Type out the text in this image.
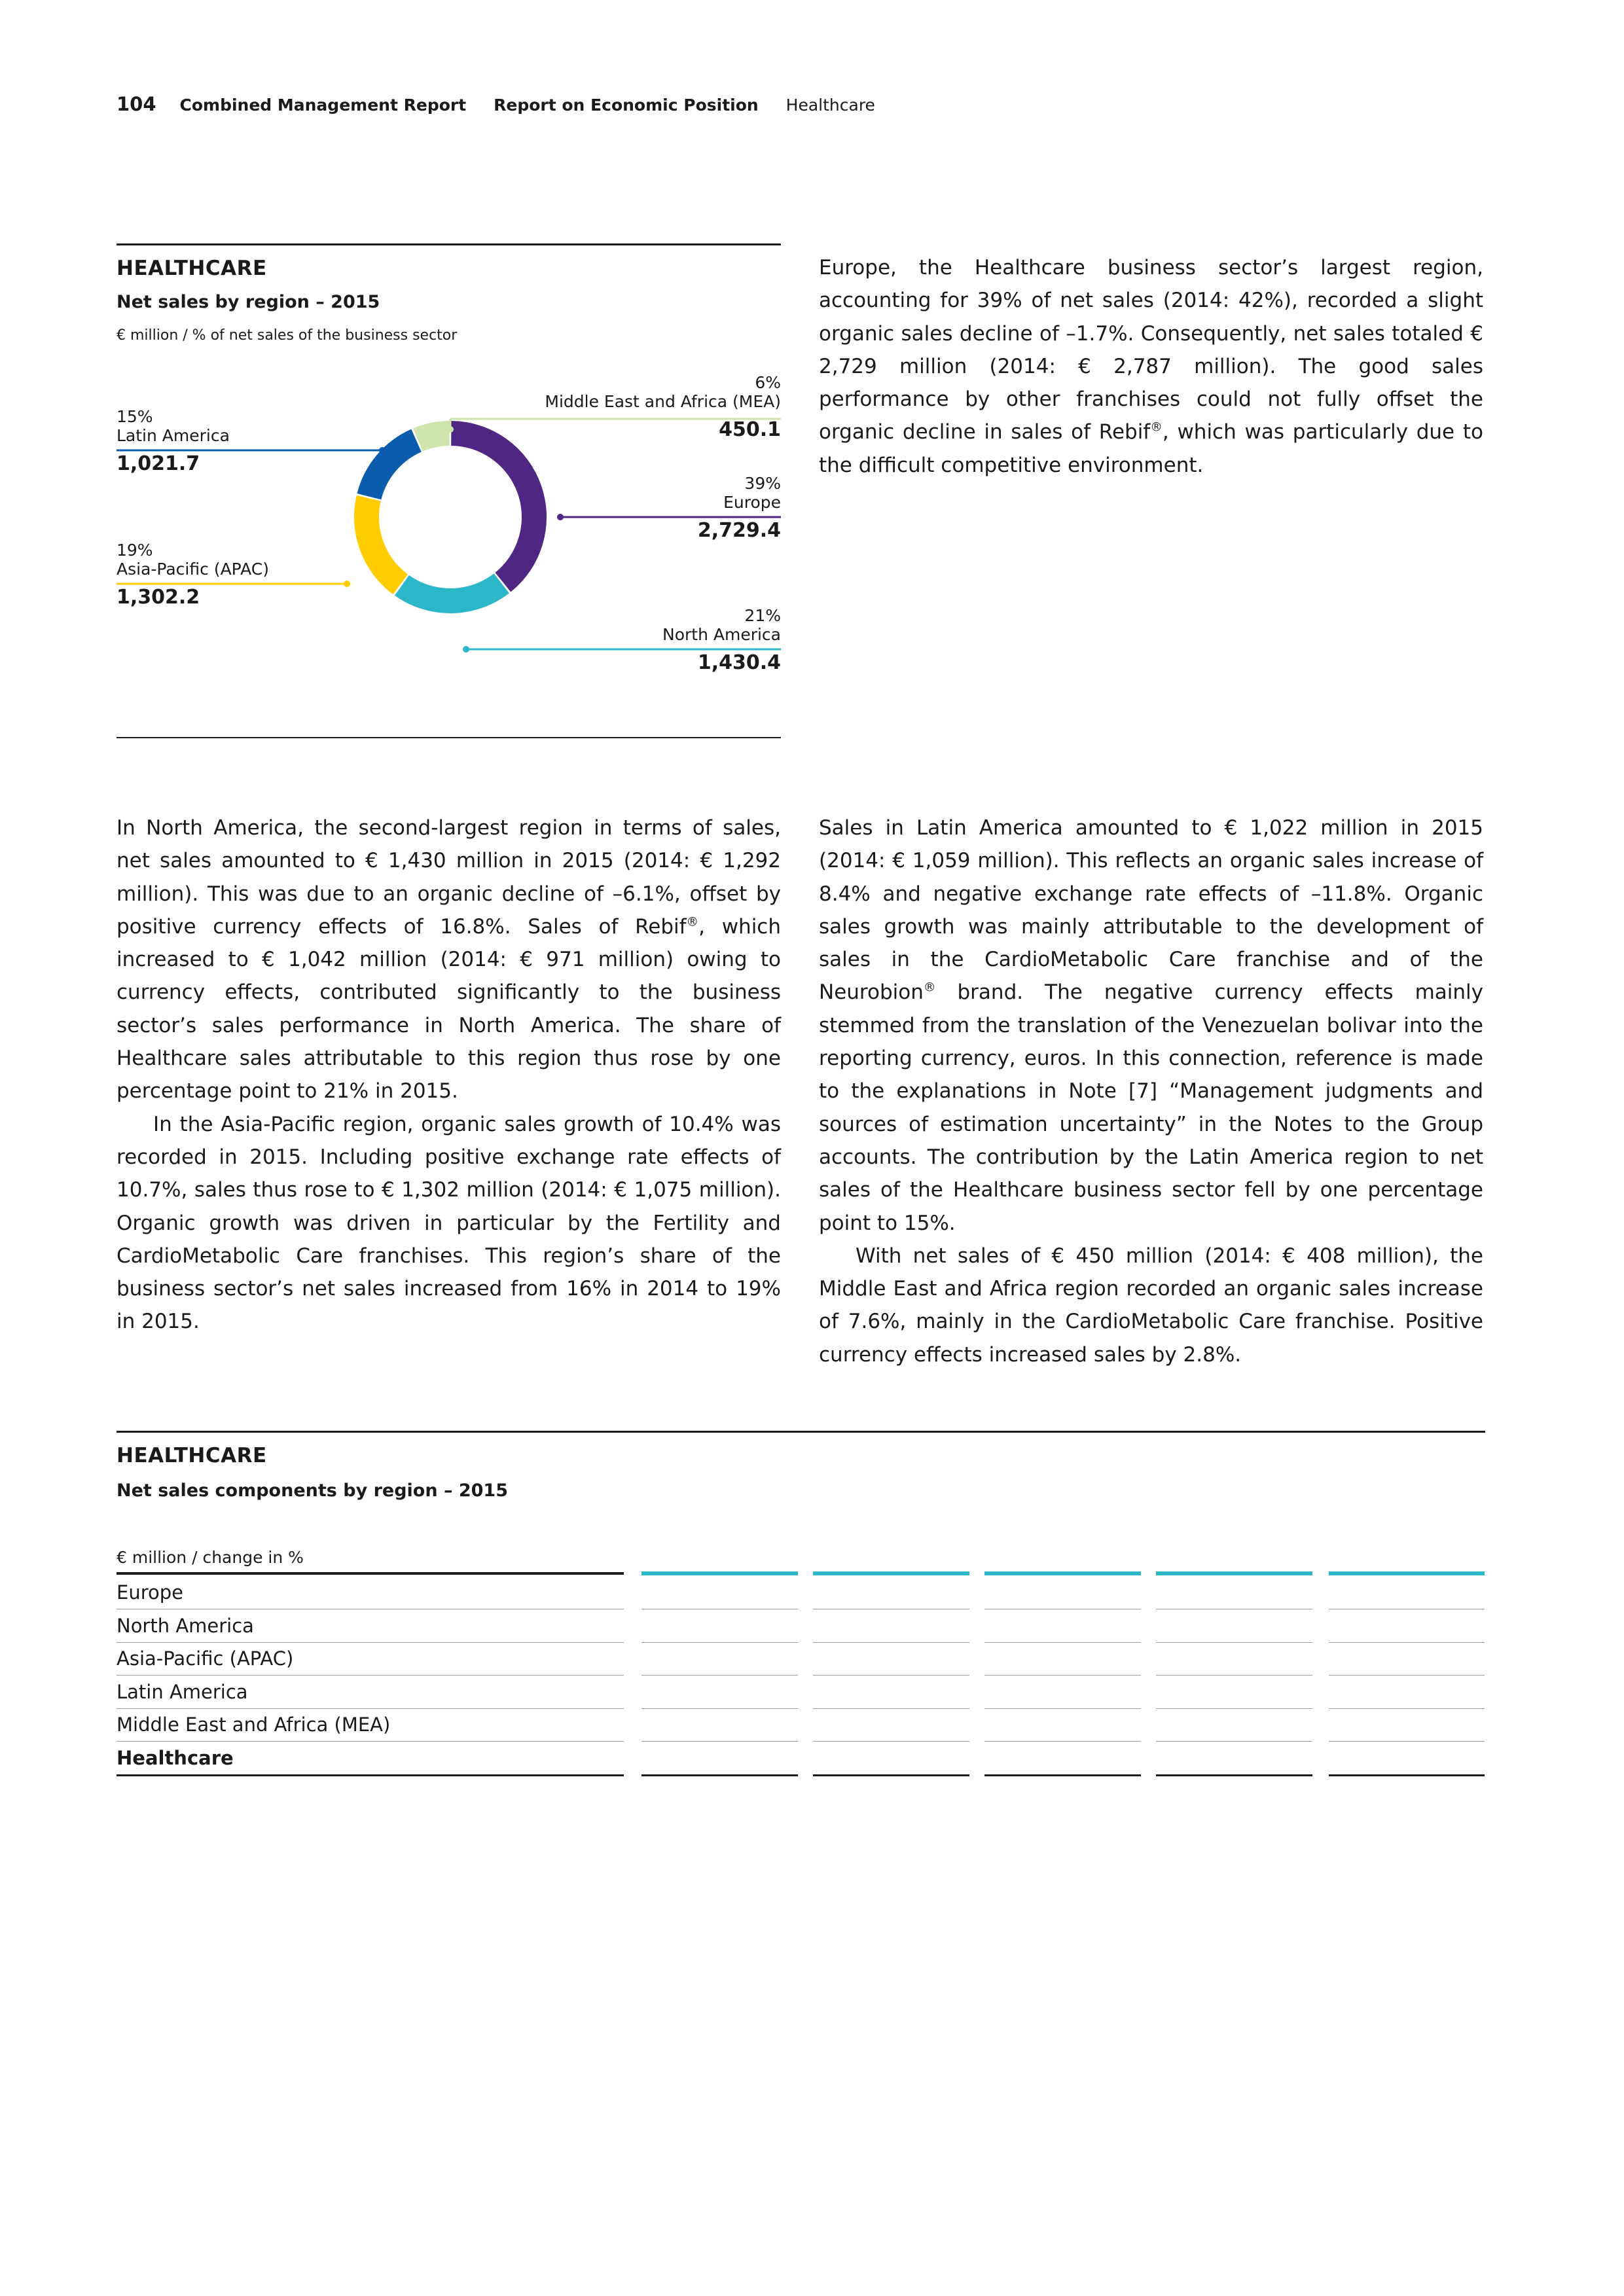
104 Combined Management Report Report on Economic Position Healthcare
HEALTHCARE
Net sales by region – 2015
€ million / % of net sales of the business sector
6%
Middle East and Africa (MEA)
450.1
15%
Latin America
1,021.7
39%
Europe
2,729.4
19%
Asia-Pacific (APAC)
1,302.2
21%
North America
1,430.4

Europe, the Healthcare business sector’s largest region, accounting for 39% of net sales (2014: 42%), recorded a slight organic sales decline of –1.7%. Consequently, net sales totaled € 2,729 million (2014: € 2,787 million). The good sales performance by other franchises could not fully offset the organic decline in sales of Rebif®, which was particularly due to the difficult competitive environment.

In North America, the second-largest region in terms of sales, net sales amounted to € 1,430 million in 2015 (2014: € 1,292 million). This was due to an organic decline of –6.1%, offset by positive currency effects of 16.8%. Sales of Rebif®, which increased to € 1,042 million (2014: € 971 million) owing to currency effects, contributed significantly to the business sector’s sales performance in North America. The share of Healthcare sales attributable to this region thus rose by one percentage point to 21% in 2015.

In the Asia-Pacific region, organic sales growth of 10.4% was recorded in 2015. Including positive exchange rate effects of 10.7%, sales thus rose to € 1,302 million (2014: € 1,075 million). Organic growth was driven in particular by the Fertility and CardioMetabolic Care franchises. This region’s share of the business sector’s net sales increased from 16% in 2014 to 19% in 2015.

Sales in Latin America amounted to € 1,022 million in 2015 (2014: € 1,059 million). This reflects an organic sales increase of 8.4% and negative exchange rate effects of –11.8%. Organic sales growth was mainly attributable to the development of sales in the CardioMetabolic Care franchise and of the Neurobion® brand. The negative currency effects mainly stemmed from the translation of the Venezuelan bolivar into the reporting currency, euros. In this connection, reference is made to the explanations in Note [7] “Management judgments and sources of estimation uncertainty” in the Notes to the Group accounts. The contribution by the Latin America region to net sales of the Healthcare business sector fell by one percentage point to 15%.

With net sales of € 450 million (2014: € 408 million), the Middle East and Africa region recorded an organic sales increase of 7.6%, mainly in the CardioMetabolic Care franchise. Positive currency effects increased sales by 2.8%.

HEALTHCARE
Net sales components by region – 2015
€ million / change in %
Europe
North America
Asia-Pacific (APAC)
Latin America
Middle East and Africa (MEA)
Healthcare
